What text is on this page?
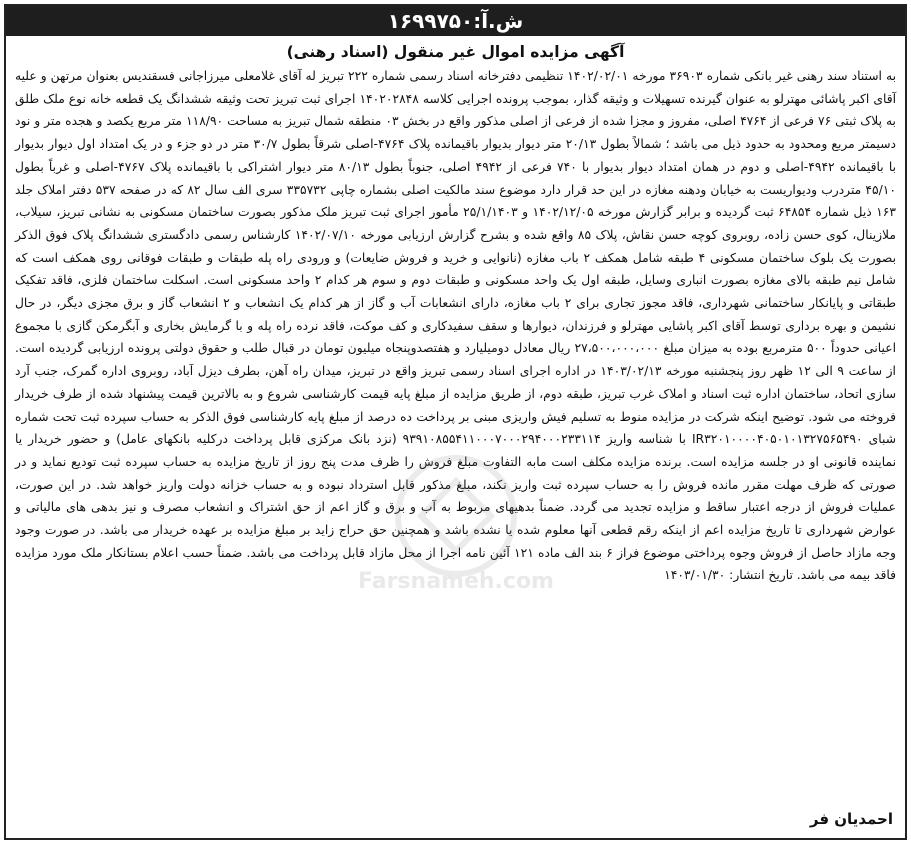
ش.آ:۱۶۹۹۷۵۰
آگهی مزایده اموال غیر منقول (اسناد رهنی)

به استناد سند رهنی غیر بانکی شماره ۳۶۹۰۳ مورخه ۱۴۰۲/۰۲/۰۱ تنظیمی دفترخانه اسناد رسمی شماره ۲۲۲ تبریز له آقای غلامعلی میرزاجانی فسقندیس بعنوان مرتهن و علیه آقای اکبر پاشائی مهترلو به عنوان گیرنده تسهیلات و وثیقه گذار، بموجب پرونده اجرایی کلاسه ۱۴۰۲۰۲۸۴۸ اجرای ثبت تبریز تحت وثیقه ششدانگ یک قطعه خانه نوع ملک طلق به پلاک ثبتی ۷۶ فرعی از ۴۷۶۴ اصلی، مفروز و مجزا شده از فرعی از اصلی مذکور واقع در بخش ۰۳ منطقه شمال تبریز به مساحت ۱۱۸/۹۰ متر مربع یکصد و هجده متر و نود دسیمتر مربع ومحدود به حدود ذیل می باشد ؛ شمالاً بطول ۲۰/۱۳ متر دیوار بدیوار باقیمانده پلاک ۴۷۶۴-اصلی شرقاً بطول ۳۰/۷ متر در دو جزء و در یک امتداد اول دیوار بدیوار با باقیمانده ۴۹۴۲-اصلی و دوم در همان امتداد دیوار بدیوار با ۷۴۰ فرعی از ۴۹۴۲ اصلی، جنوباً بطول ۸۰/۱۳ متر دیوار اشتراکی با باقیمانده پلاک ۴۷۶۷-اصلی و غرباً بطول ۴۵/۱۰ متردرب ودیواریست به خیابان ودهنه مغازه در این حد قرار دارد موضوع سند مالکیت اصلی بشماره چاپی ۳۳۵۷۳۲ سری الف سال ۸۲ که در صفحه ۵۳۷ دفتر املاک جلد ۱۶۳ ذیل شماره ۶۴۸۵۴ ثبت گردیده و برابر گزارش مورخه ۱۴۰۲/۱۲/۰۵ و ۲۵/۱/۱۴۰۳ مأمور اجرای ثبت تبریز ملک مذکور بصورت ساختمان مسکونی به نشانی تبریز، سیلاب، ملازینال، کوی حسن زاده، روبروی کوچه حسن نقاش، پلاک ۸۵ واقع شده و بشرح گزارش ارزیابی مورخه ۱۴۰۲/۰۷/۱۰ کارشناس رسمی دادگستری ششدانگ پلاک فوق الذکر بصورت یک بلوک ساختمان مسکونی ۴ طبقه شامل همکف ۲ باب مغازه (نانوایی و خرید و فروش ضایعات) و ورودی راه پله طبقات و طبقات فوقانی روی همکف است که شامل نیم طبقه بالای مغازه بصورت انباری وسایل، طبقه اول یک واحد مسکونی و طبقات دوم و سوم هر کدام ۲ واحد مسکونی است. اسکلت ساختمان فلزی، فاقد تفکیک طبقاتی و پایانکار ساختمانی شهرداری، فاقد مجوز تجاری برای ۲ باب مغازه، دارای انشعابات آب و گاز از هر کدام یک انشعاب و ۲ انشعاب گاز و برق مجزی دیگر، در حال نشیمن و بهره برداری توسط آقای اکبر پاشایی مهترلو و فرزندان، دیوارها و سقف سفیدکاری و کف موکت، فاقد نرده راه پله و با گرمایش بخاری و آبگرمکن گازی با مجموع اعیانی حدوداً ۵۰۰ مترمربع بوده به میزان مبلغ ۲۷،۵۰۰،۰۰۰،۰۰۰ ریال معادل دومیلیارد و هفتصدوپنجاه میلیون تومان در قبال طلب و حقوق دولتی پرونده ارزیابی گردیده است. از ساعت ۹ الی ۱۲ ظهر روز پنجشنبه مورخه ۱۴۰۳/۰۲/۱۳ در اداره اجرای اسناد رسمی تبریز واقع در تبریز، میدان راه آهن، بطرف دیزل آباد، روبروی اداره گمرک، جنب آرد سازی اتحاد، ساختمان اداره ثبت اسناد و املاک غرب تبریز، طبقه دوم، از طریق مزایده از مبلغ پایه قیمت کارشناسی شروع و به بالاترین قیمت پیشنهاد شده از طرف خریدار فروخته می شود. توضیح اینکه شرکت در مزایده منوط به تسلیم فیش واریزی مبنی بر پرداخت ده درصد از مبلغ پایه کارشناسی فوق الذکر به حساب سپرده ثبت تحت شماره شبای IR۳۲۰۱۰۰۰۰۴۰۵۰۱۰۱۳۲۷۵۶۵۴۹۰ با شناسه واریز ۹۳۹۱۰۸۵۵۴۱۱۰۰۰۷۰۰۰۲۹۴۰۰۰۲۳۳۱۱۴ (نزد بانک مرکزی قابل پرداخت درکلیه بانکهای عامل) و حضور خریدار یا نماینده قانونی او در جلسه مزایده است. برنده مزایده مکلف است مابه التفاوت مبلغ فروش را ظرف مدت پنج روز از تاریخ مزایده به حساب سپرده ثبت تودیع نماید و در صورتی که ظرف مهلت مقرر مانده فروش را به حساب سپرده ثبت واریز نکند، مبلغ مذکور قابل استرداد نبوده و به حساب خزانه دولت واریز خواهد شد. در این صورت، عملیات فروش از درجه اعتبار ساقط و مزایده تجدید می گردد. ضمناً بدهیهای مربوط به آب و برق و گاز اعم از حق اشتراک و انشعاب مصرف و نیز بدهی های مالیاتی و عوارض شهرداری تا تاریخ مزایده اعم از اینکه رقم قطعی آنها معلوم شده یا نشده باشد و همچنین حق حراج زاید بر مبلغ مزایده بر عهده خریدار می باشد. در صورت وجود وجه مازاد حاصل از فروش وجوه پرداختی موضوع فراز ۶ بند الف ماده ۱۲۱ آئین نامه اجرا از محل مازاد قابل پرداخت می باشد. ضمناً حسب اعلام بستانکار ملک مورد مزایده فاقد بیمه می باشد. تاریخ انتشار: ۱۴۰۳/۰۱/۳۰

Farsnameh.com
احمدیان فر
